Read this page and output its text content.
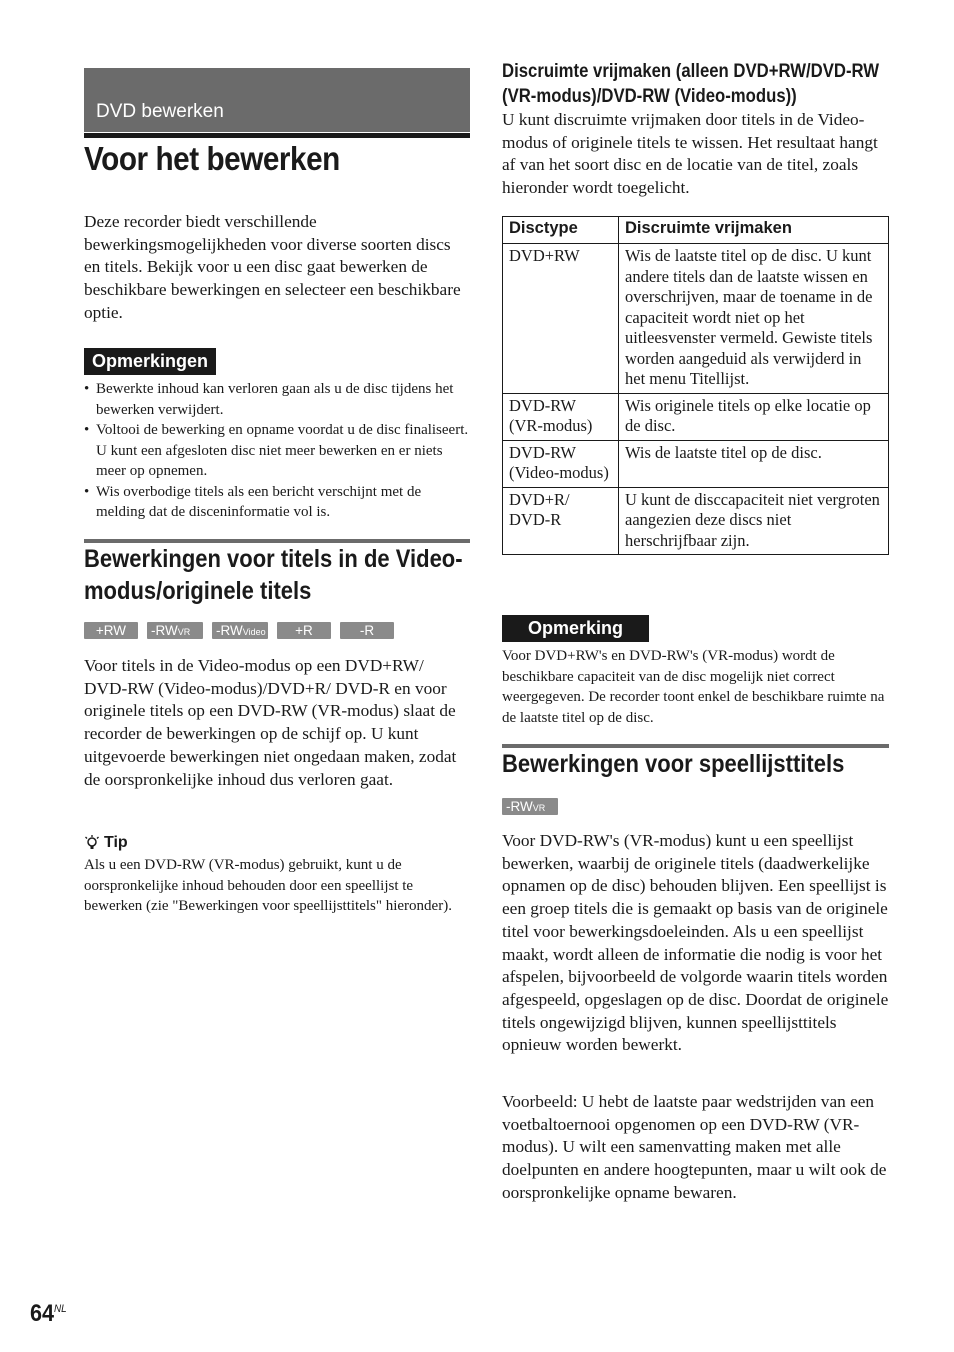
DVD bewerken
Voor het bewerken

Deze recorder biedt verschillende bewerkingsmogelijkheden voor diverse soorten discs en titels. Bekijk voor u een disc gaat bewerken de beschikbare bewerkingen en selecteer een beschikbare optie.

Opmerkingen
• Bewerkte inhoud kan verloren gaan als u de disc tijdens het bewerken verwijdert.
• Voltooi de bewerking en opname voordat u de disc finaliseert. U kunt een afgesloten disc niet meer bewerken en er niets meer op opnemen.
• Wis overbodige titels als een bericht verschijnt met de melding dat de disceninformatie vol is.
Bewerkingen voor titels in de Video-modus/originele titels
+RW	-RWVR	-RWVideo	+R	-R

Voor titels in de Video-modus op een DVD+RW/ DVD-RW (Video-modus)/DVD+R/ DVD-R en voor originele titels op een DVD-RW (VR-modus) slaat de recorder de bewerkingen op de schijf op. U kunt uitgevoerde bewerkingen niet ongedaan maken, zodat de oorspronkelijke inhoud dus verloren gaat.

Tip

Als u een DVD-RW (VR-modus) gebruikt, kunt u de oorspronkelijke inhoud behouden door een speellijst te bewerken (zie "Bewerkingen voor speellijsttitels" hieronder).

Discruimte vrijmaken (alleen DVD+RW/DVD-RW (VR-modus)/DVD-RW (Video-modus))

U kunt discruimte vrijmaken door titels in de Video-modus of originele titels te wissen. Het resultaat hangt af van het soort disc en de locatie van de titel, zoals hieronder wordt toegelicht.

Disctype	Discruimte vrijmaken
DVD+RW	Wis de laatste titel op de disc. U kunt andere titels dan de laatste wissen en overschrijven, maar de toename in de capaciteit wordt niet op het uitleesvenster vermeld. Gewiste titels worden aangeduid als verwijderd in het menu Titellijst.
DVD-RW (VR-modus)	Wis originele titels op elke locatie op de disc.
DVD-RW (Video-modus)	Wis de laatste titel op de disc.
DVD+R/ DVD-R	U kunt de disccapaciteit niet vergroten aangezien deze discs niet herschrijfbaar zijn.
Opmerking

Voor DVD+RW's en DVD-RW's (VR-modus) wordt de beschikbare capaciteit van de disc mogelijk niet correct weergegeven. De recorder toont enkel de beschikbare ruimte na de laatste titel op de disc.

Bewerkingen voor speellijsttitels
-RWVR

Voor DVD-RW's (VR-modus) kunt u een speellijst bewerken, waarbij de originele titels (daadwerkelijke opnamen op de disc) behouden blijven. Een speellijst is een groep titels die is gemaakt op basis van de originele titel voor bewerkingsdoeleinden. Als u een speellijst maakt, wordt alleen de informatie die nodig is voor het afspelen, bijvoorbeeld de volgorde waarin titels worden afgespeeld, opgeslagen op de disc. Doordat de originele titels ongewijzigd blijven, kunnen speellijsttitels opnieuw worden bewerkt.

Voorbeeld: U hebt de laatste paar wedstrijden van een voetbaltoernooi opgenomen op een DVD-RW (VR-modus). U wilt een samenvatting maken met alle doelpunten en andere hoogtepunten, maar u wilt ook de oorspronkelijke opname bewaren.

$64^{NL}$
